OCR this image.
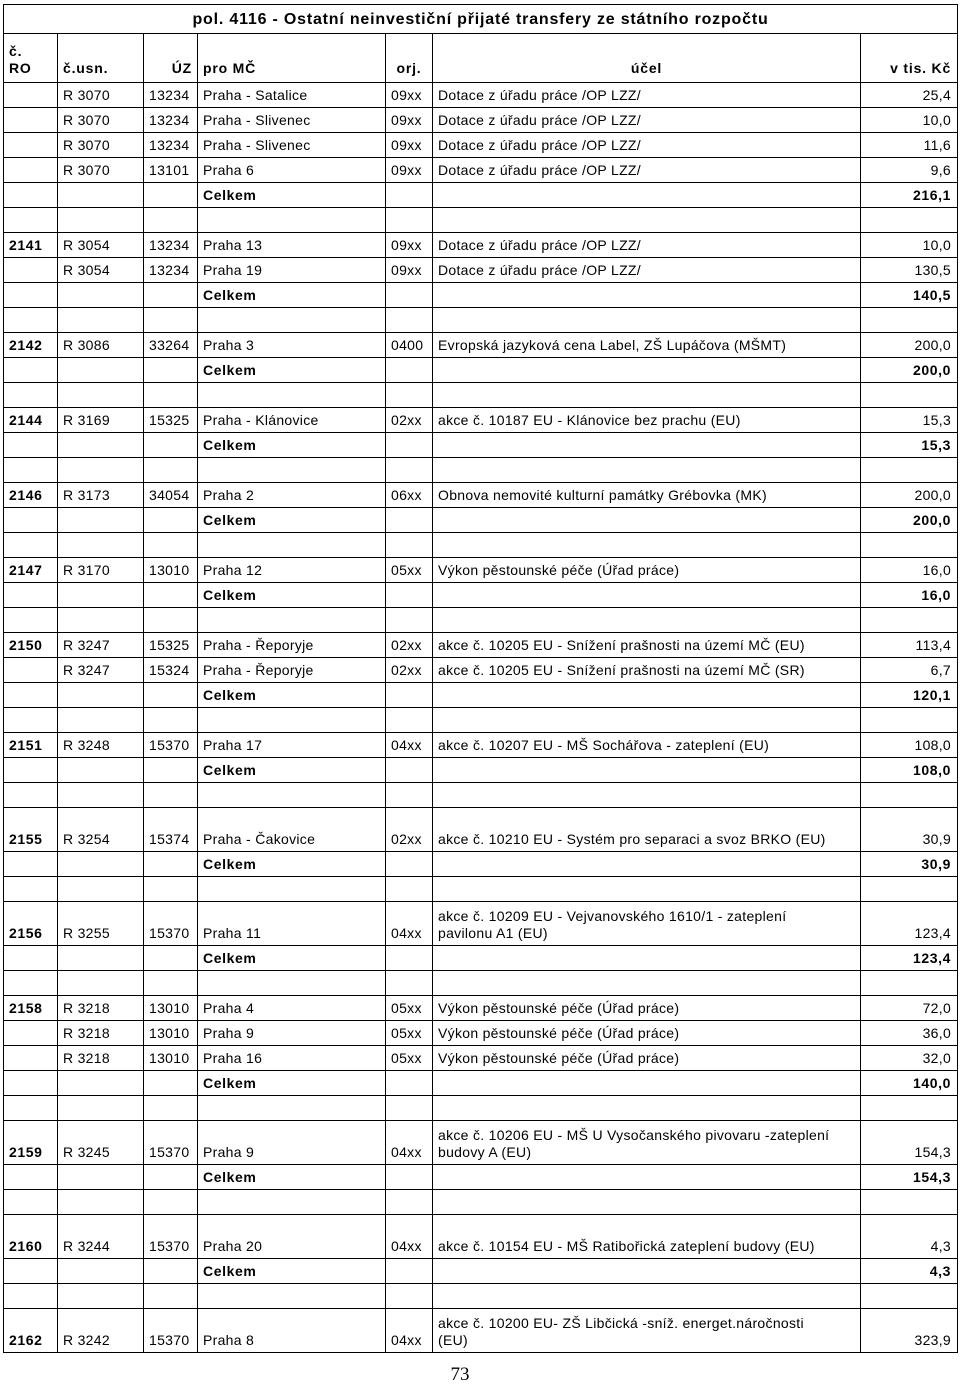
pol. 4116 - Ostatní neinvestiční přijaté transfery ze státního rozpočtu						

č.
RO	č.usn.	ÚZ	pro MČ	orj.	účel	v tis. Kč
	R 3070	13234	Praha - Satalice	09xx	Dotace z úřadu práce /OP LZZ/	25,4
	R 3070	13234	Praha - Slivenec	09xx	Dotace z úřadu práce /OP LZZ/	10,0
	R 3070	13234	Praha - Slivenec	09xx	Dotace z úřadu práce /OP LZZ/	11,6
	R 3070	13101	Praha 6	09xx	Dotace z úřadu práce /OP LZZ/	9,6
			Celkem			216,1

2141	R 3054	13234	Praha 13	09xx	Dotace z úřadu práce /OP LZZ/	10,0
	R 3054	13234	Praha 19	09xx	Dotace z úřadu práce /OP LZZ/	130,5
			Celkem			140,5

2142	R 3086	33264	Praha 3	0400	Evropská jazyková cena Label, ZŠ Lupáčova (MŠMT)	200,0
			Celkem			200,0

2144	R 3169	15325	Praha - Klánovice	02xx	akce č. 10187 EU - Klánovice bez prachu (EU)	15,3
			Celkem			15,3

2146	R 3173	34054	Praha 2	06xx	Obnova nemovité kulturní památky Grébovka (MK)	200,0
			Celkem			200,0

2147	R 3170	13010	Praha 12	05xx	Výkon pěstounské péče (Úřad práce)	16,0
			Celkem			16,0

2150	R 3247	15325	Praha - Řeporyje	02xx	akce č. 10205 EU - Snížení prašnosti na území MČ (EU)	113,4
	R 3247	15324	Praha - Řeporyje	02xx	akce č. 10205 EU - Snížení prašnosti na území MČ (SR)	6,7
			Celkem			120,1

2151	R 3248	15370	Praha 17	04xx	akce č. 10207 EU - MŠ Sochářova - zateplení (EU)	108,0
			Celkem			108,0

2155	R 3254	15374	Praha - Čakovice	02xx	akce č. 10210 EU - Systém pro separaci a svoz BRKO (EU)	30,9
			Celkem			30,9

2156	R 3255	15370	Praha 11	04xx	akce č. 10209 EU - Vejvanovského 1610/1 - zateplení
pavilonu A1 (EU)	123,4
			Celkem			123,4

2158	R 3218	13010	Praha 4	05xx	Výkon pěstounské péče (Úřad práce)	72,0
	R 3218	13010	Praha 9	05xx	Výkon pěstounské péče (Úřad práce)	36,0
	R 3218	13010	Praha 16	05xx	Výkon pěstounské péče (Úřad práce)	32,0
			Celkem			140,0

2159	R 3245	15370	Praha 9	04xx	akce č. 10206 EU - MŠ U Vysočanského pivovaru -zateplení
budovy A (EU)	154,3
			Celkem			154,3

2160	R 3244	15370	Praha 20	04xx	akce č. 10154 EU - MŠ Ratibořická zateplení budovy (EU)	4,3
			Celkem			4,3

2162	R 3242	15370	Praha 8	04xx	akce č. 10200 EU- ZŠ Libčická -sníž. energet.náročnosti
(EU)	323,9
73
